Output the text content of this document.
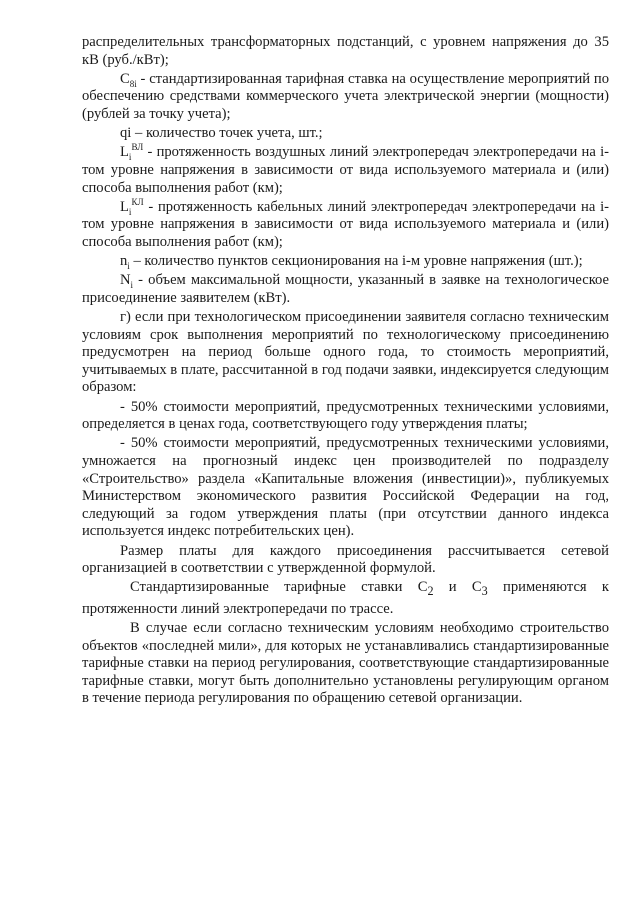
распределительных трансформаторных подстанций, с уровнем напряжения до 35 кВ (руб./кВт);

$C_{8i}$ - стандартизированная тарифная ставка на осуществление мероприятий по обеспечению средствами коммерческого учета электрической энергии (мощности) (рублей за точку учета);

qi – количество точек учета, шт.;

$L_i^{ВЛ}$ - протяженность воздушных линий электропередач электропередачи на i-том уровне напряжения в зависимости от вида используемого материала и (или) способа выполнения работ (км);

$L_i^{КЛ}$ - протяженность кабельных линий электропередач электропередачи на i-том уровне напряжения в зависимости от вида используемого материала и (или) способа выполнения работ (км);

$n_i$ – количество пунктов секционирования на i-м уровне напряжения (шт.);

$N_i$ - объем максимальной мощности, указанный в заявке на технологическое присоединение заявителем (кВт).

г) если при технологическом присоединении заявителя согласно техническим условиям срок выполнения мероприятий по технологическому присоединению предусмотрен на период больше одного года, то стоимость мероприятий, учитываемых в плате, рассчитанной в год подачи заявки, индексируется следующим образом:

- 50% стоимости мероприятий, предусмотренных техническими условиями, определяется в ценах года, соответствующего году утверждения платы;

- 50% стоимости мероприятий, предусмотренных техническими условиями, умножается на прогнозный индекс цен производителей по подразделу «Строительство» раздела «Капитальные вложения (инвестиции)», публикуемых Министерством экономического развития Российской Федерации на год, следующий за годом утверждения платы (при отсутствии данного индекса используется индекс потребительских цен).

Размер платы для каждого присоединения рассчитывается сетевой организацией в соответствии с утвержденной формулой.

Стандартизированные тарифные ставки $C_2$ и $C_3$ применяются к протяженности линий электропередачи по трассе.

В случае если согласно техническим условиям необходимо строительство объектов «последней мили», для которых не устанавливались стандартизированные тарифные ставки на период регулирования, соответствующие стандартизированные тарифные ставки, могут быть дополнительно установлены регулирующим органом в течение периода регулирования по обращению сетевой организации.
